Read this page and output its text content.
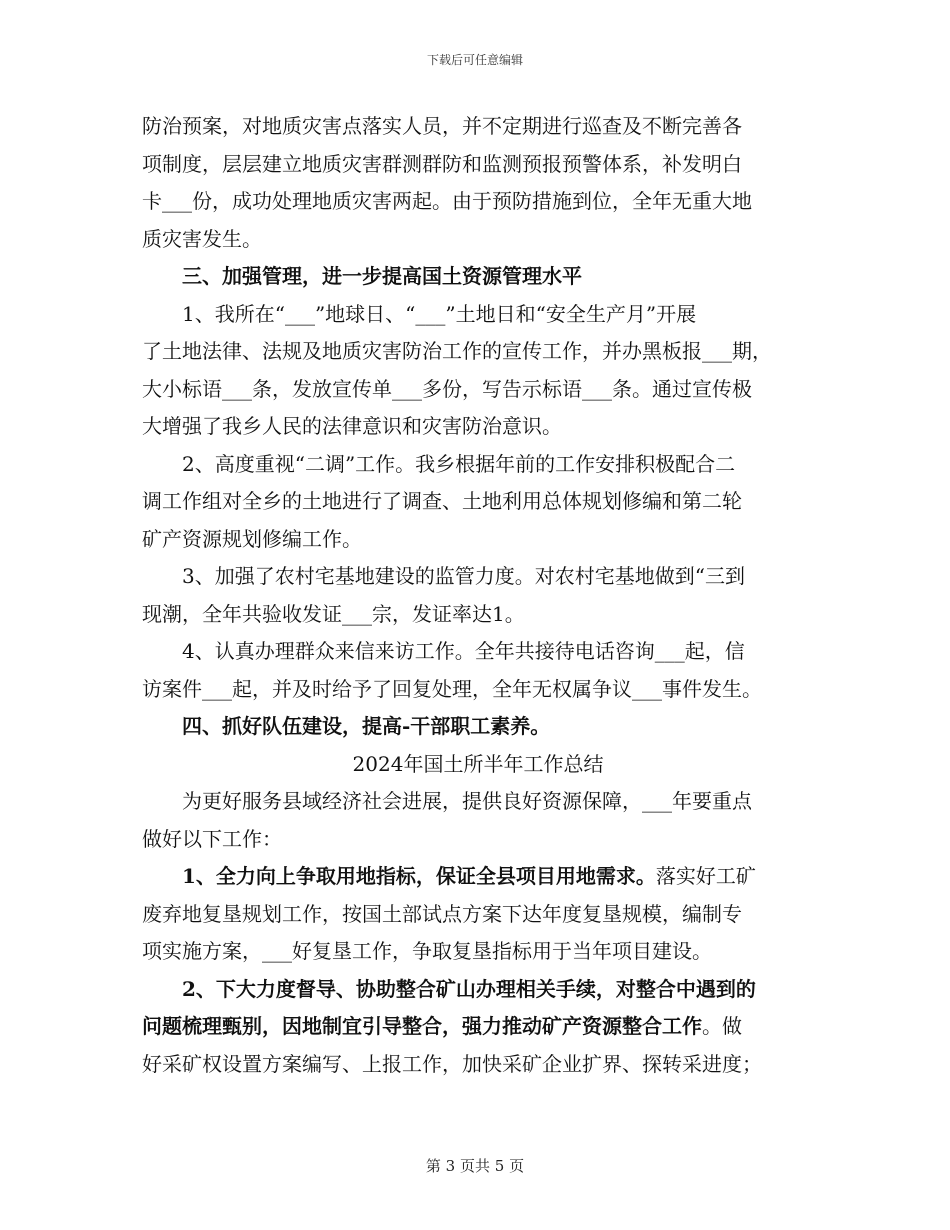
下载后可任意编辑

防治预案，对地质灾害点落实人员，并不定期进行巡查及不断完善各
项制度，层层建立地质灾害群测群防和监测预报预警体系，补发明白
卡___份，成功处理地质灾害两起。由于预防措施到位，全年无重大地
质灾害发生。

三、加强管理，进一步提高国土资源管理水平

1、我所在“___”地球日、“___”土地日和“安全生产月”开展
了土地法律、法规及地质灾害防治工作的宣传工作，并办黑板报___期，
大小标语___条，发放宣传单___多份，写告示标语___条。通过宣传极
大增强了我乡人民的法律意识和灾害防治意识。

2、高度重视“二调”工作。我乡根据年前的工作安排积极配合二
调工作组对全乡的土地进行了调查、土地利用总体规划修编和第二轮
矿产资源规划修编工作。

3、加强了农村宅基地建设的监管力度。对农村宅基地做到“三到
现潮，全年共验收发证___宗，发证率达1。

4、认真办理群众来信来访工作。全年共接待电话咨询___起，信
访案件___起，并及时给予了回复处理，全年无权属争议___事件发生。

四、抓好队伍建设，提高-干部职工素养。

2024年国土所半年工作总结

为更好服务县域经济社会进展，提供良好资源保障，___年要重点
做好以下工作：

1、全力向上争取用地指标，保证全县项目用地需求。落实好工矿
废弃地复垦规划工作，按国土部试点方案下达年度复垦规模，编制专
项实施方案，___好复垦工作，争取复垦指标用于当年项目建设。

2、下大力度督导、协助整合矿山办理相关手续，对整合中遇到的
问题梳理甄别，因地制宜引导整合，强力推动矿产资源整合工作。做
好采矿权设置方案编写、上报工作，加快采矿企业扩界、探转采进度；

第 3 页共 5 页
